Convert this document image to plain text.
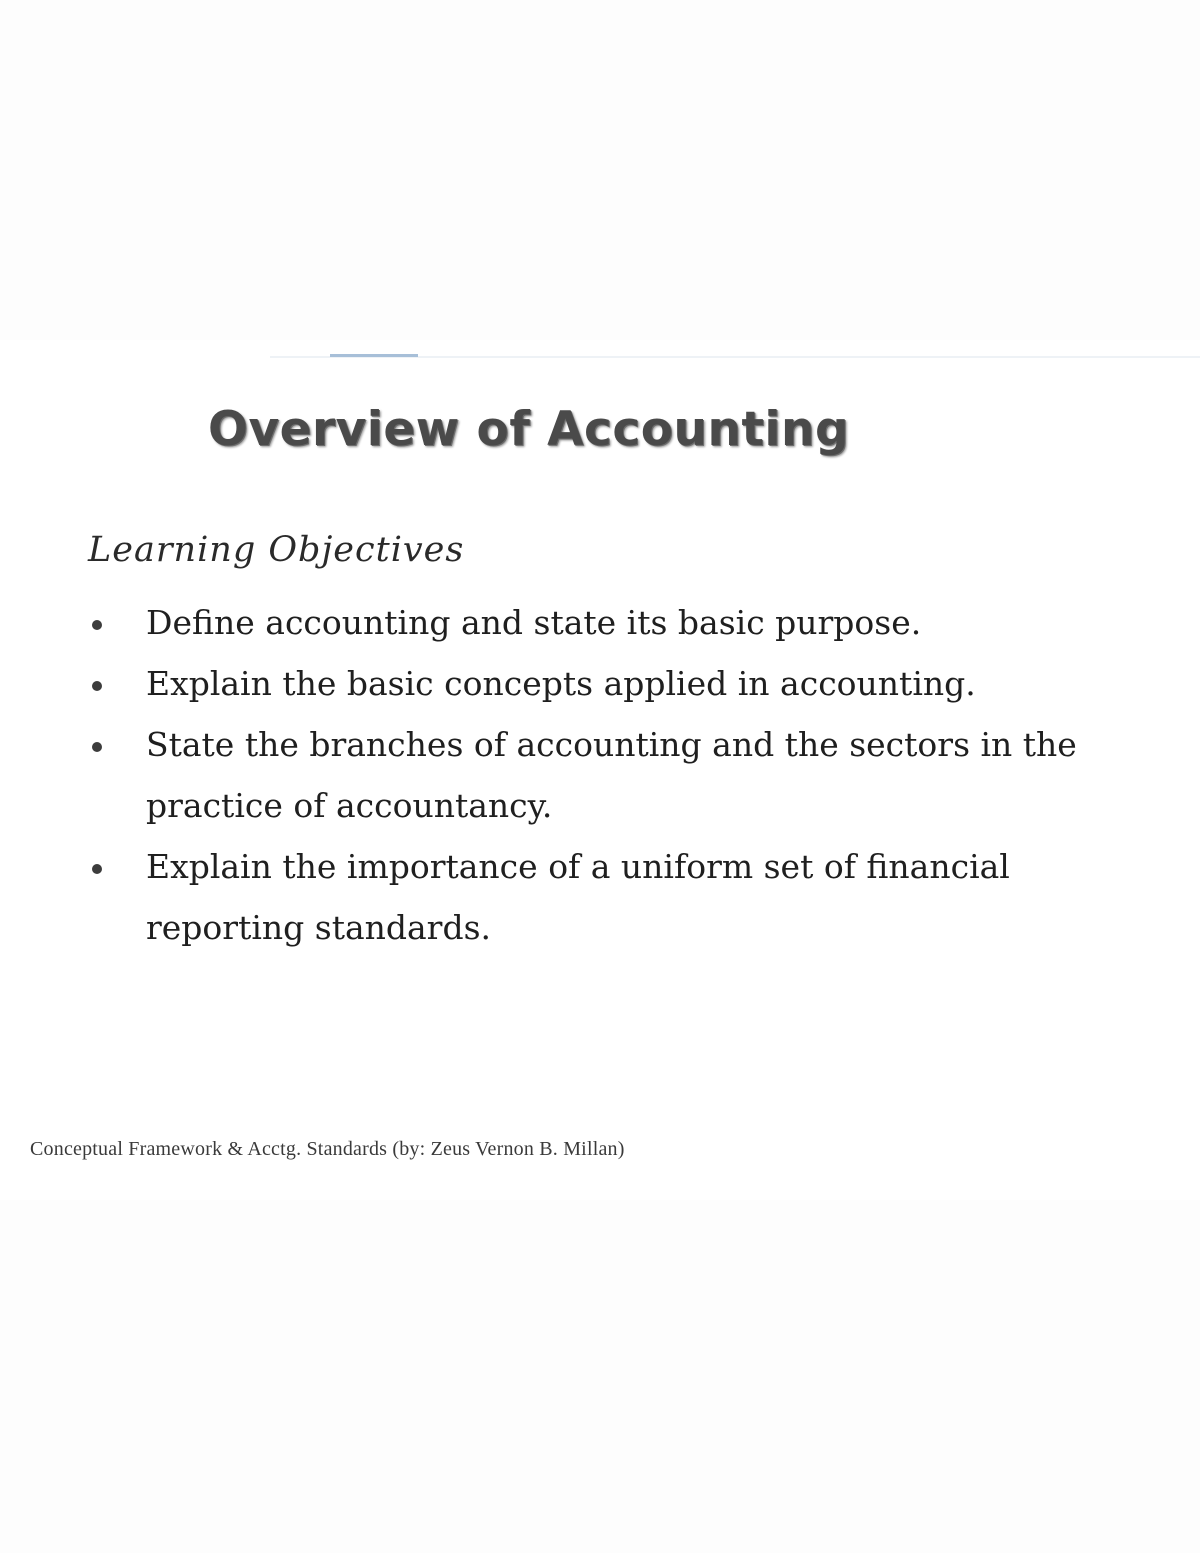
Overview of Accounting
Learning Objectives
Define accounting and state its basic purpose.
Explain the basic concepts applied in accounting.
State the branches of accounting and the sectors in the practice of accountancy.
Explain the importance of a uniform set of financial reporting standards.

Conceptual Framework & Acctg. Standards (by: Zeus Vernon B. Millan)
